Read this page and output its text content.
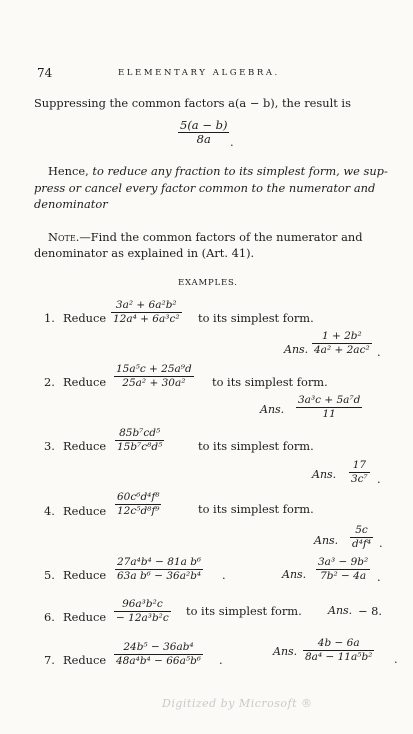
74	ELEMENTARY ALGEBRA.
Suppressing the common factors a(a − b), the result is
$\frac{5(a - b)}{8a}$ .
Hence, to reduce any fraction to its simplest form, we sup-
press or cancel every factor common to the numerator and
denominator
Note.—Find the common factors of the numerator and
denominator as explained in (Art. 41).
EXAMPLES.
1. Reduce $\frac{\text{3a² + 6a²b²}}{\text{12a⁴ + 6a³c²}}$ to its simplest form.
Ans. $\frac{\text{1 + 2b²}}{\text{4a² + 2ac²}}$ .
2. Reduce $\frac{\text{15a⁵c + 25a⁹d}}{\text{25a² + 30a²}}$ to its simplest form.
Ans. $\frac{\text{3a³c + 5a⁷d}}{11}$
3. Reduce $\frac{\text{85b⁷cd⁵}}{\text{15b⁷c⁸d⁵}}$	to its simplest form.
Ans. $\frac{17}{\text{3c⁷}}$ .
4. Reduce $\frac{\text{60c⁶d⁴f⁸}}{\text{12c⁵d⁸f⁹}}$	to its simplest form.
Ans. $\frac{5c}{\text{d⁴f⁴}}$ .
5. Reduce $\frac{\text{27a⁴b⁴ − 81a b⁶}}{\text{63a b⁶ − 36a²b⁴}}$ .	Ans. $\frac{\text{3a³ − 9b²}}{\text{7b² − 4a}}$ .
6. Reduce $\frac{\text{96a³b²c}}{\text{− 12a³b²c}}$ to its simplest form. Ans. − 8.
7. Reduce $\frac{\text{24b⁵ − 36ab⁴}}{\text{48a⁴b⁴ − 66a⁵b⁶}}$ .
Ans. $\frac{4b - 6a}{\text{8a⁴ − 11a⁵b²}}$ .
Digitized by Microsoft ®
